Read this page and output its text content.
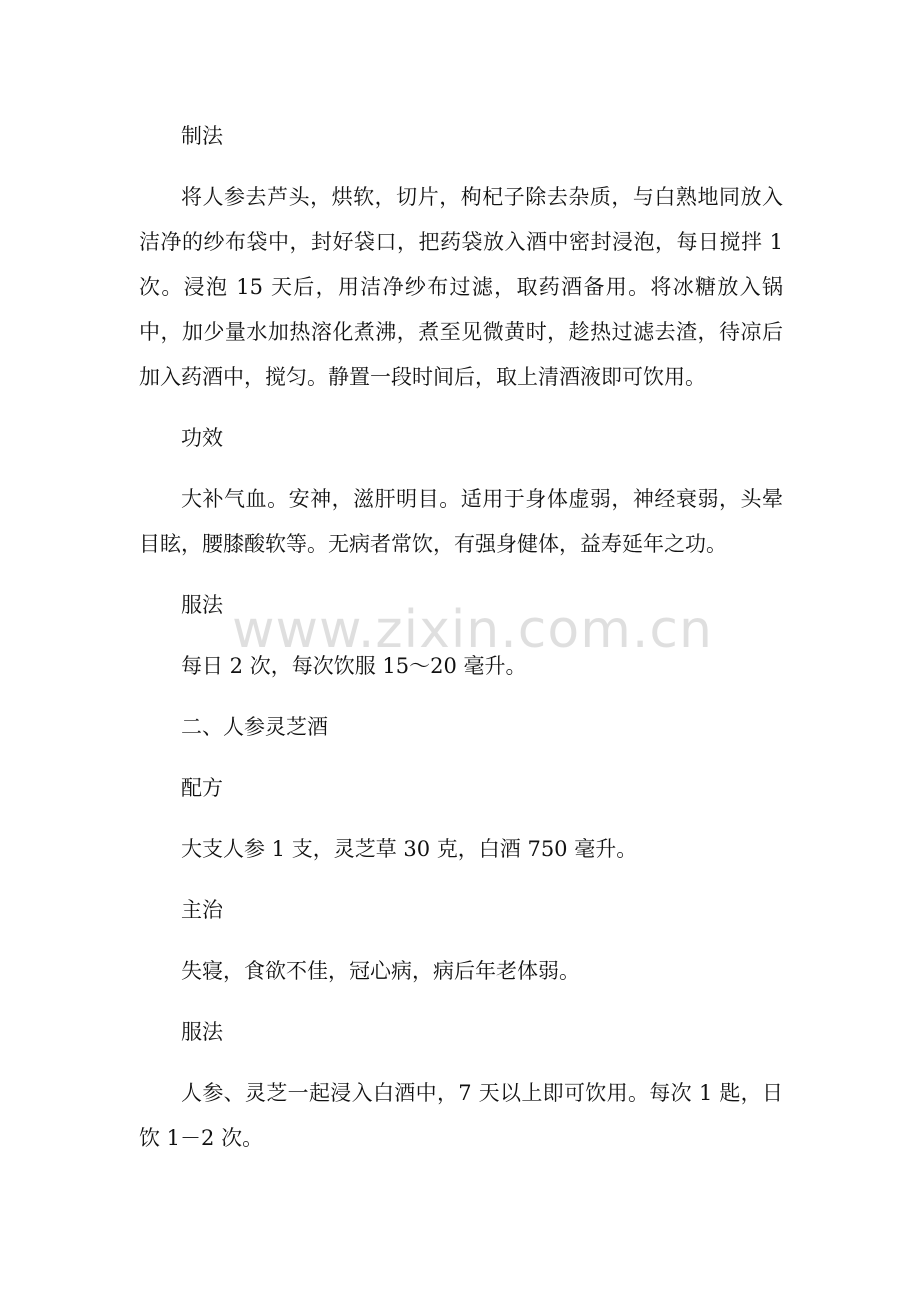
制法

将人参去芦头，烘软，切片，枸杞子除去杂质，与白熟地同放入洁净的纱布袋中，封好袋口，把药袋放入酒中密封浸泡，每日搅拌 1 次。浸泡 15 天后，用洁净纱布过滤，取药酒备用。将冰糖放入锅中，加少量水加热溶化煮沸，煮至见微黄时，趁热过滤去渣，待凉后加入药酒中，搅匀。静置一段时间后，取上清酒液即可饮用。

功效

大补气血。安神，滋肝明目。适用于身体虚弱，神经衰弱，头晕目眩，腰膝酸软等。无病者常饮，有强身健体，益寿延年之功。

服法

每日 2 次，每次饮服 15～20 毫升。

二、人参灵芝酒

配方

大支人参 1 支，灵芝草 30 克，白酒 750 毫升。

主治

失寝，食欲不佳，冠心病，病后年老体弱。

服法

人参、灵芝一起浸入白酒中，7 天以上即可饮用。每次 1 匙，日饮 1－2 次。

www.zixin.com.cn
